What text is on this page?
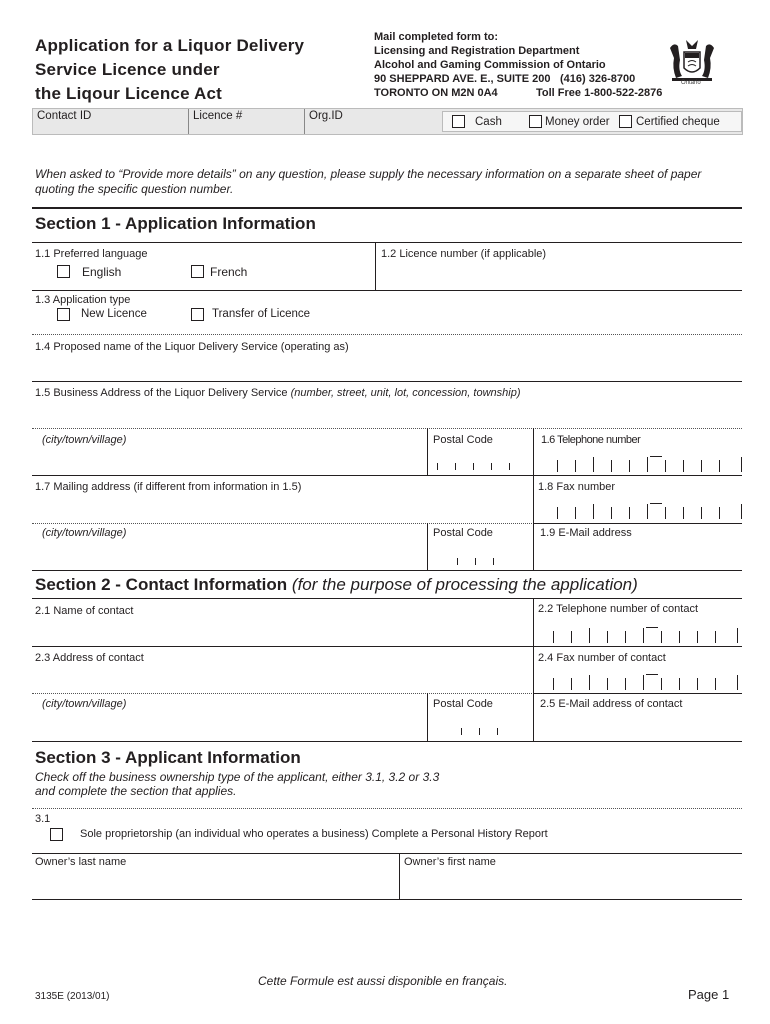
Application for a Liquor Delivery
Service Licence under
the Liqour Licence Act
Mail completed form to:
Licensing and Registration Department
Alcohol and Gaming Commission of Ontario
90 SHEPPARD AVE. E., SUITE 200 (416) 326-8700
TORONTO ON M2N 0A4	Toll Free 1-800-522-2876
Ontario
Contact ID	Licence #	Org.ID	Cash	Money order Certified cheque
When asked to “Provide more details” on any question, please supply the necessary information on a separate sheet of paper quoting the specific question number.
Section 1 - Application Information
1.1 Preferred language
English	French
1.2 Licence number (if applicable)
1.3 Application type
New Licence	Transfer of Licence
1.4 Proposed name of the Liquor Delivery Service (operating as)
1.5 Business Address of the Liquor Delivery Service (number, street, unit, lot, concession, township)
(city/town/village)	Postal Code	1.6 Telephone number
1.7 Mailing address (if different from information in 1.5)	1.8 Fax number
(city/town/village)	Postal Code	1.9 E-Mail address
Section 2 - Contact Information (for the purpose of processing the application)
2.1 Name of contact	2.2 Telephone number of contact
2.3 Address of contact	2.4 Fax number of contact
(city/town/village)	Postal Code	2.5 E-Mail address of contact
Section 3 - Applicant Information
Check off the business ownership type of the applicant, either 3.1, 3.2 or 3.3
and complete the section that applies.
3.1
Sole proprietorship (an individual who operates a business) Complete a Personal History Report
Owner’s last name	Owner’s first name
Cette Formule est aussi disponible en français.
3135E (2013/01)	Page 1
